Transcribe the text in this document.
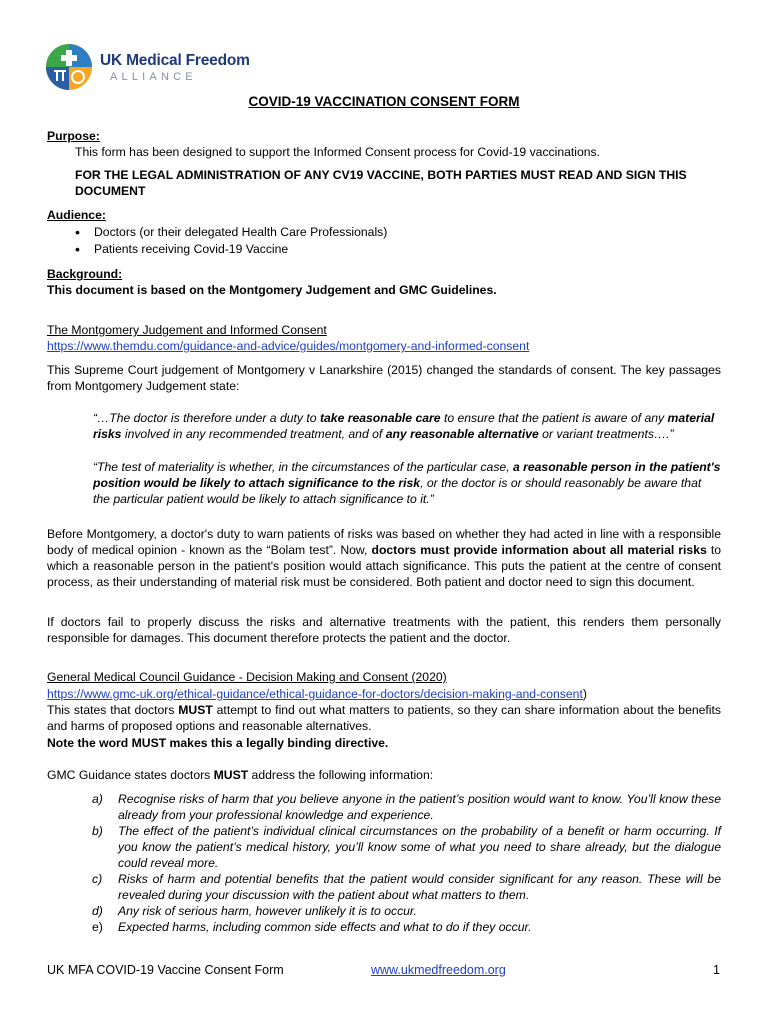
UK Medical Freedom
ALLIANCE
COVID-19 VACCINATION CONSENT FORM
Purpose:
This form has been designed to support the Informed Consent process for Covid-19 vaccinations.
FOR THE LEGAL ADMINISTRATION OF ANY CV19 VACCINE, BOTH PARTIES MUST READ AND SIGN THIS
DOCUMENT
Audience:
• Doctors (or their delegated Health Care Professionals)
• Patients receiving Covid-19 Vaccine
Background:
This document is based on the Montgomery Judgement and GMC Guidelines.
The Montgomery Judgement and Informed Consent
https://www.themdu.com/guidance-and-advice/guides/montgomery-and-informed-consent
This Supreme Court judgement of Montgomery v Lanarkshire (2015) changed the standards of consent. The key passages from Montgomery Judgement state:
“…The doctor is therefore under a duty to take reasonable care to ensure that the patient is aware of any material risks involved in any recommended treatment, and of any reasonable alternative or variant treatments….”
“The test of materiality is whether, in the circumstances of the particular case, a reasonable person in the patient's position would be likely to attach significance to the risk, or the doctor is or should reasonably be aware that the particular patient would be likely to attach significance to it.”
Before Montgomery, a doctor's duty to warn patients of risks was based on whether they had acted in line with a responsible body of medical opinion - known as the “Bolam test”. Now, doctors must provide information about all material risks to which a reasonable person in the patient's position would attach significance. This puts the patient at the centre of consent process, as their understanding of material risk must be considered. Both patient and doctor need to sign this document.
If doctors fail to properly discuss the risks and alternative treatments with the patient, this renders them personally responsible for damages. This document therefore protects the patient and the doctor.
General Medical Council Guidance - Decision Making and Consent (2020)
https://www.gmc-uk.org/ethical-guidance/ethical-guidance-for-doctors/decision-making-and-consent)
This states that doctors MUST attempt to find out what matters to patients, so they can share information about the benefits and harms of proposed options and reasonable alternatives.
Note the word MUST makes this a legally binding directive.
GMC Guidance states doctors MUST address the following information:
a) Recognise risks of harm that you believe anyone in the patient’s position would want to know. You’ll know these already from your professional knowledge and experience.
b) The effect of the patient’s individual clinical circumstances on the probability of a benefit or harm occurring. If you know the patient’s medical history, you’ll know some of what you need to share already, but the dialogue could reveal more.
c) Risks of harm and potential benefits that the patient would consider significant for any reason. These will be revealed during your discussion with the patient about what matters to them.
d) Any risk of serious harm, however unlikely it is to occur.
e) Expected harms, including common side effects and what to do if they occur.
UK MFA COVID-19 Vaccine Consent Form	www.ukmedfreedom.org	1
